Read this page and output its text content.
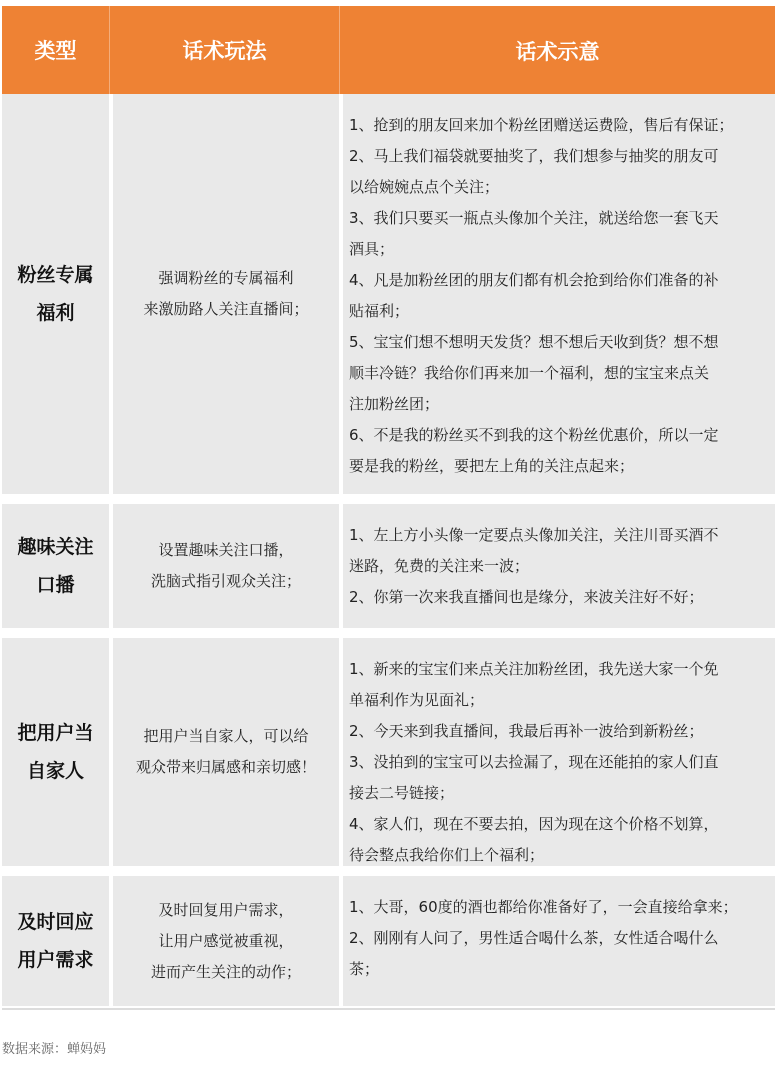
类型	话术玩法	话术示意
粉丝专属
福利
强调粉丝的专属福利
来激励路人关注直播间；
1、抢到的朋友回来加个粉丝团赠送运费险，售后有保证；
2、马上我们福袋就要抽奖了，我们想参与抽奖的朋友可
以给婉婉点点个关注；
3、我们只要买一瓶点头像加个关注，就送给您一套飞天
酒具；
4、凡是加粉丝团的朋友们都有机会抢到给你们准备的补
贴福利；
5、宝宝们想不想明天发货？想不想后天收到货？想不想
顺丰冷链？我给你们再来加一个福利，想的宝宝来点关
注加粉丝团；
6、不是我的粉丝买不到我的这个粉丝优惠价，所以一定
要是我的粉丝，要把左上角的关注点起来；
趣味关注
口播
设置趣味关注口播，
洗脑式指引观众关注；
1、左上方小头像一定要点头像加关注，关注川哥买酒不
迷路，免费的关注来一波；
2、你第一次来我直播间也是缘分，来波关注好不好；
把用户当
自家人
把用户当自家人，可以给
观众带来归属感和亲切感！
1、新来的宝宝们来点关注加粉丝团，我先送大家一个免
单福利作为见面礼；
2、今天来到我直播间，我最后再补一波给到新粉丝；
3、没拍到的宝宝可以去捡漏了，现在还能拍的家人们直
接去二号链接；
4、家人们，现在不要去拍，因为现在这个价格不划算，
待会整点我给你们上个福利；
及时回应
用户需求
及时回复用户需求，
让用户感觉被重视，
进而产生关注的动作；
1、大哥，60度的酒也都给你准备好了，一会直接给拿来；
2、刚刚有人问了，男性适合喝什么茶，女性适合喝什么
茶；
数据来源：蝉妈妈
